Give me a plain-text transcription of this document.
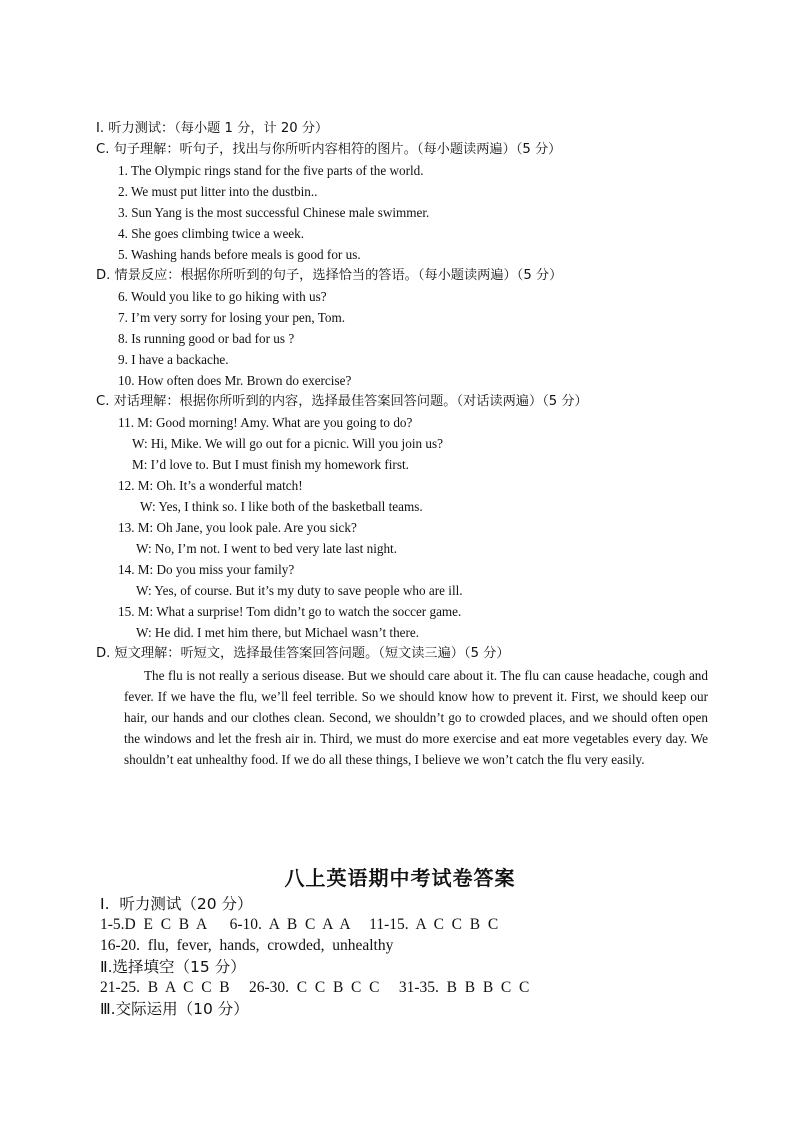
Ⅰ. 听力测试：（每小题 1 分，计 20 分）
C. 句子理解：听句子，找出与你所听内容相符的图片。（每小题读两遍）（5 分）
1. The Olympic rings stand for the five parts of the world.
2. We must put litter into the dustbin..
3. Sun Yang is the most successful Chinese male swimmer.
4. She goes climbing twice a week.
5. Washing hands before meals is good for us.
D. 情景反应：根据你所听到的句子，选择恰当的答语。（每小题读两遍）（5 分）
6. Would you like to go hiking with us?
7. I’m very sorry for losing your pen, Tom.
8. Is running good or bad for us ?
9. I have a backache.
10. How often does Mr. Brown do exercise?
C. 对话理解：根据你所听到的内容，选择最佳答案回答问题。（对话读两遍）（5 分）
11. M: Good morning! Amy. What are you going to do?
W: Hi, Mike. We will go out for a picnic. Will you join us?
M: I’d love to. But I must finish my homework first.
12. M: Oh. It’s a wonderful match!
W: Yes, I think so. I like both of the basketball teams.
13. M: Oh Jane, you look pale. Are you sick?
W: No, I’m not. I went to bed very late last night.
14. M: Do you miss your family?
W: Yes, of course. But it’s my duty to save people who are ill.
15. M: What a surprise! Tom didn’t go to watch the soccer game.
W: He did. I met him there, but Michael wasn’t there.
D. 短文理解：听短文，选择最佳答案回答问题。（短文读三遍）（5 分）

The flu is not really a serious disease. But we should care about it. The flu can cause headache, cough and fever. If we have the flu, we’ll feel terrible. So we should know how to prevent it. First, we should keep our hair, our hands and our clothes clean. Second, we shouldn’t go to crowded places, and we should often open the windows and let the fresh air in. Third, we must do more exercise and eat more vegetables every day. We shouldn’t eat unhealthy food. If we do all these things, I believe we won’t catch the flu very easily.

八上英语期中考试卷答案
Ⅰ.  听力测试（20 分）
1-5.D  E  C  B  A      6-10.  A  B  C  A  A     11-15.  A  C  C  B  C
16-20.  flu,  fever,  hands,  crowded,  unhealthy
Ⅱ.选择填空（15 分）
21-25.  B  A  C  C  B     26-30.  C  C  B  C  C     31-35.  B  B  B  C  C
Ⅲ.交际运用（10 分）
